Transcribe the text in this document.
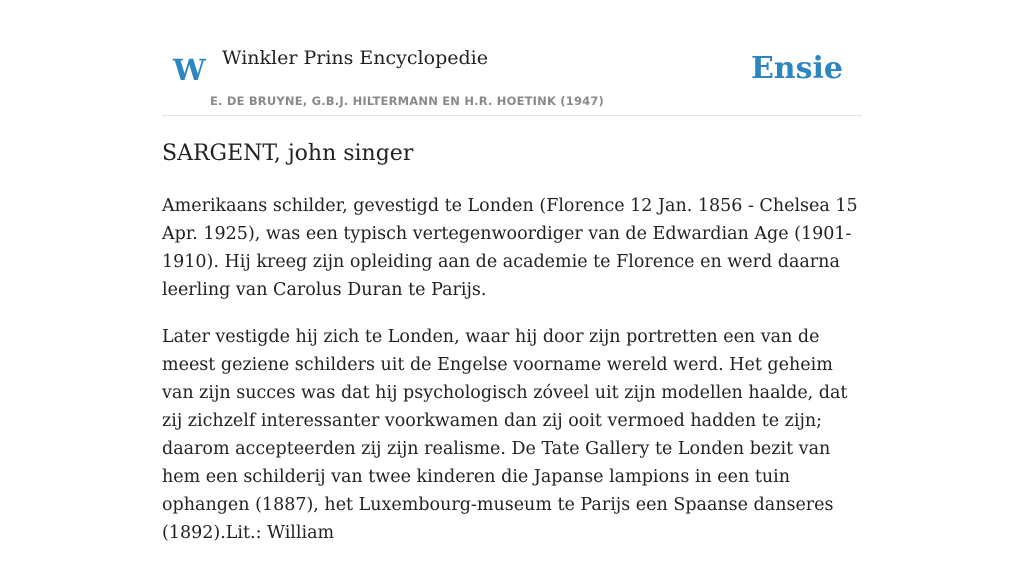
W Winkler Prins Encyclopedie
E. DE BRUYNE, G.B.J. HILTERMANN EN H.R. HOETINK (1947)
Ensie
SARGENT, john singer

Amerikaans schilder, gevestigd te Londen (Florence 12 Jan. 1856 - Chelsea 15 Apr. 1925), was een typisch vertegenwoordiger van de Edwardian Age (1901-1910). Hij kreeg zijn opleiding aan de academie te Florence en werd daarna leerling van Carolus Duran te Parijs.

Later vestigde hij zich te Londen, waar hij door zijn portretten een van de meest geziene schilders uit de Engelse voorname wereld werd. Het geheim van zijn succes was dat hij psychologisch zóveel uit zijn modellen haalde, dat zij zichzelf interessanter voorkwamen dan zij ooit vermoed hadden te zijn; daarom accepteerden zij zijn realisme. De Tate Gallery te Londen bezit van hem een schilderij van twee kinderen die Japanse lampions in een tuin ophangen (1887), het Luxembourg-museum te Parijs een Spaanse danseres (1892).Lit.: William
